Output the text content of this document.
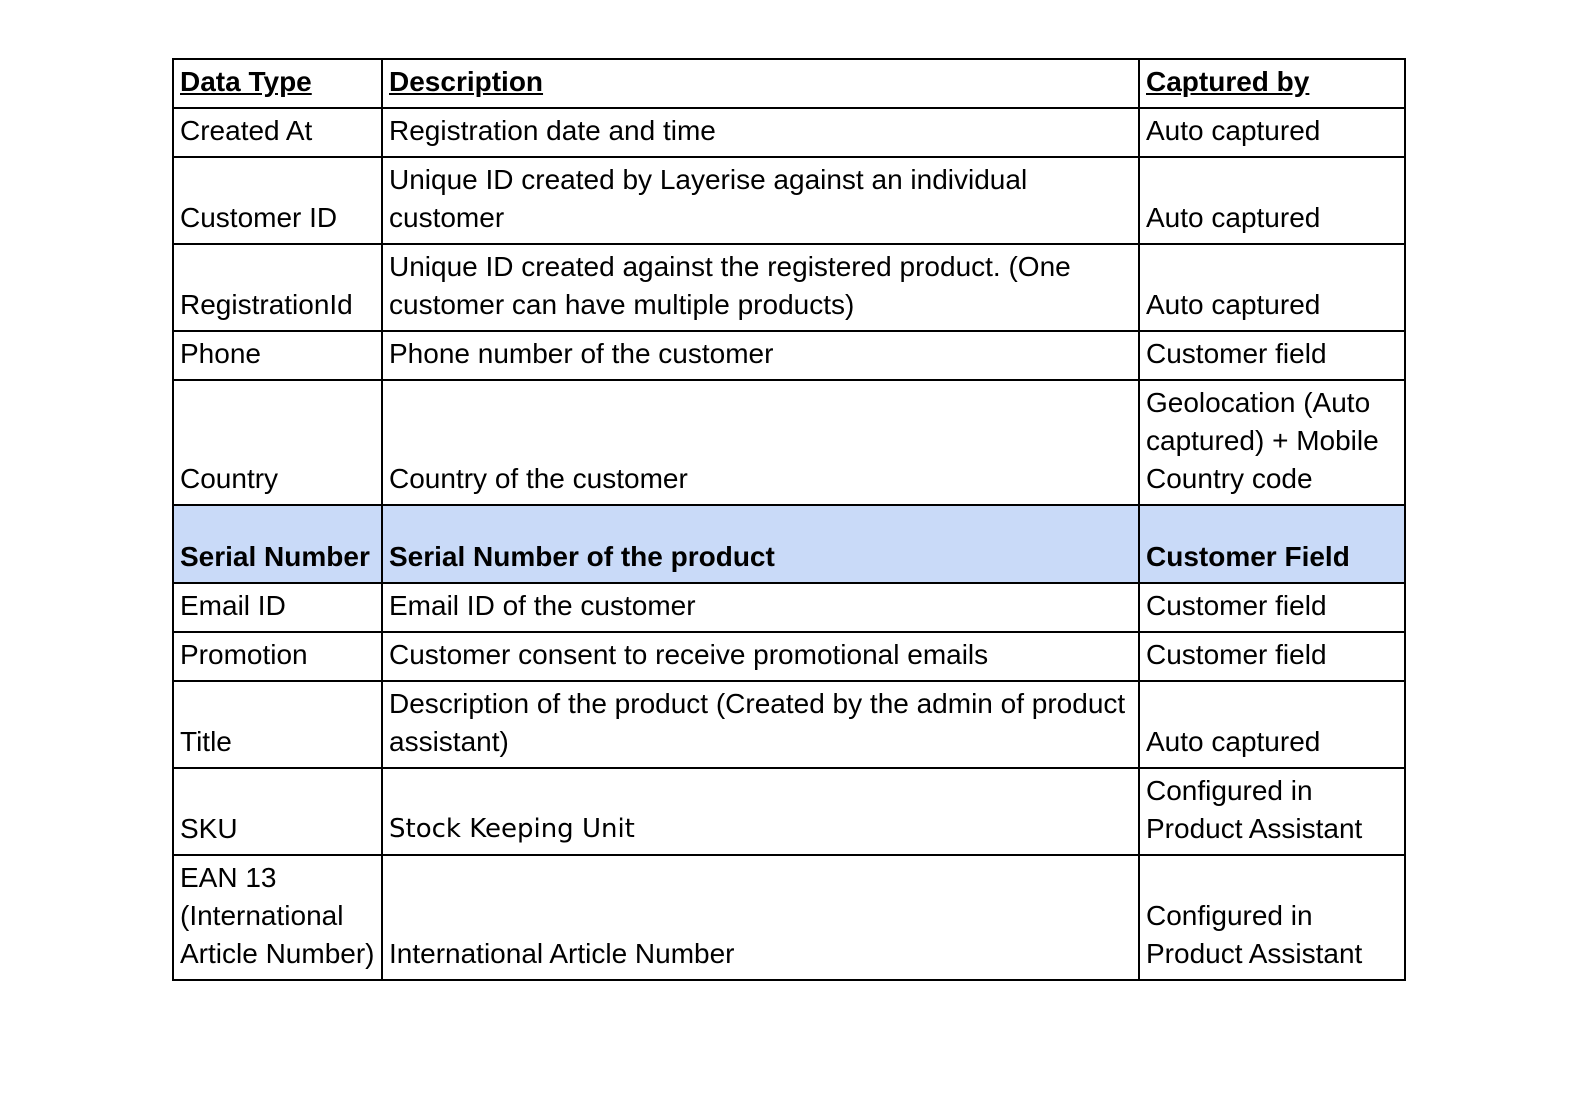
Data Type	Description	Captured by
Created At	Registration date and time	Auto captured
Customer ID	Unique ID created by Layerise against an individual customer	Auto captured
RegistrationId	Unique ID created against the registered product. (One customer can have multiple products)	Auto captured
Phone	Phone number of the customer	Customer field
Country	Country of the customer	Geolocation (Auto captured) + Mobile Country code
Serial Number	Serial Number of the product	Customer Field
Email ID	Email ID of the customer	Customer field
Promotion	Customer consent to receive promotional emails	Customer field
Title	Description of the product (Created by the admin of product assistant)	Auto captured
SKU	Stock Keeping Unit	Configured in Product Assistant
EAN 13 (International Article Number)	International Article Number	Configured in Product Assistant
